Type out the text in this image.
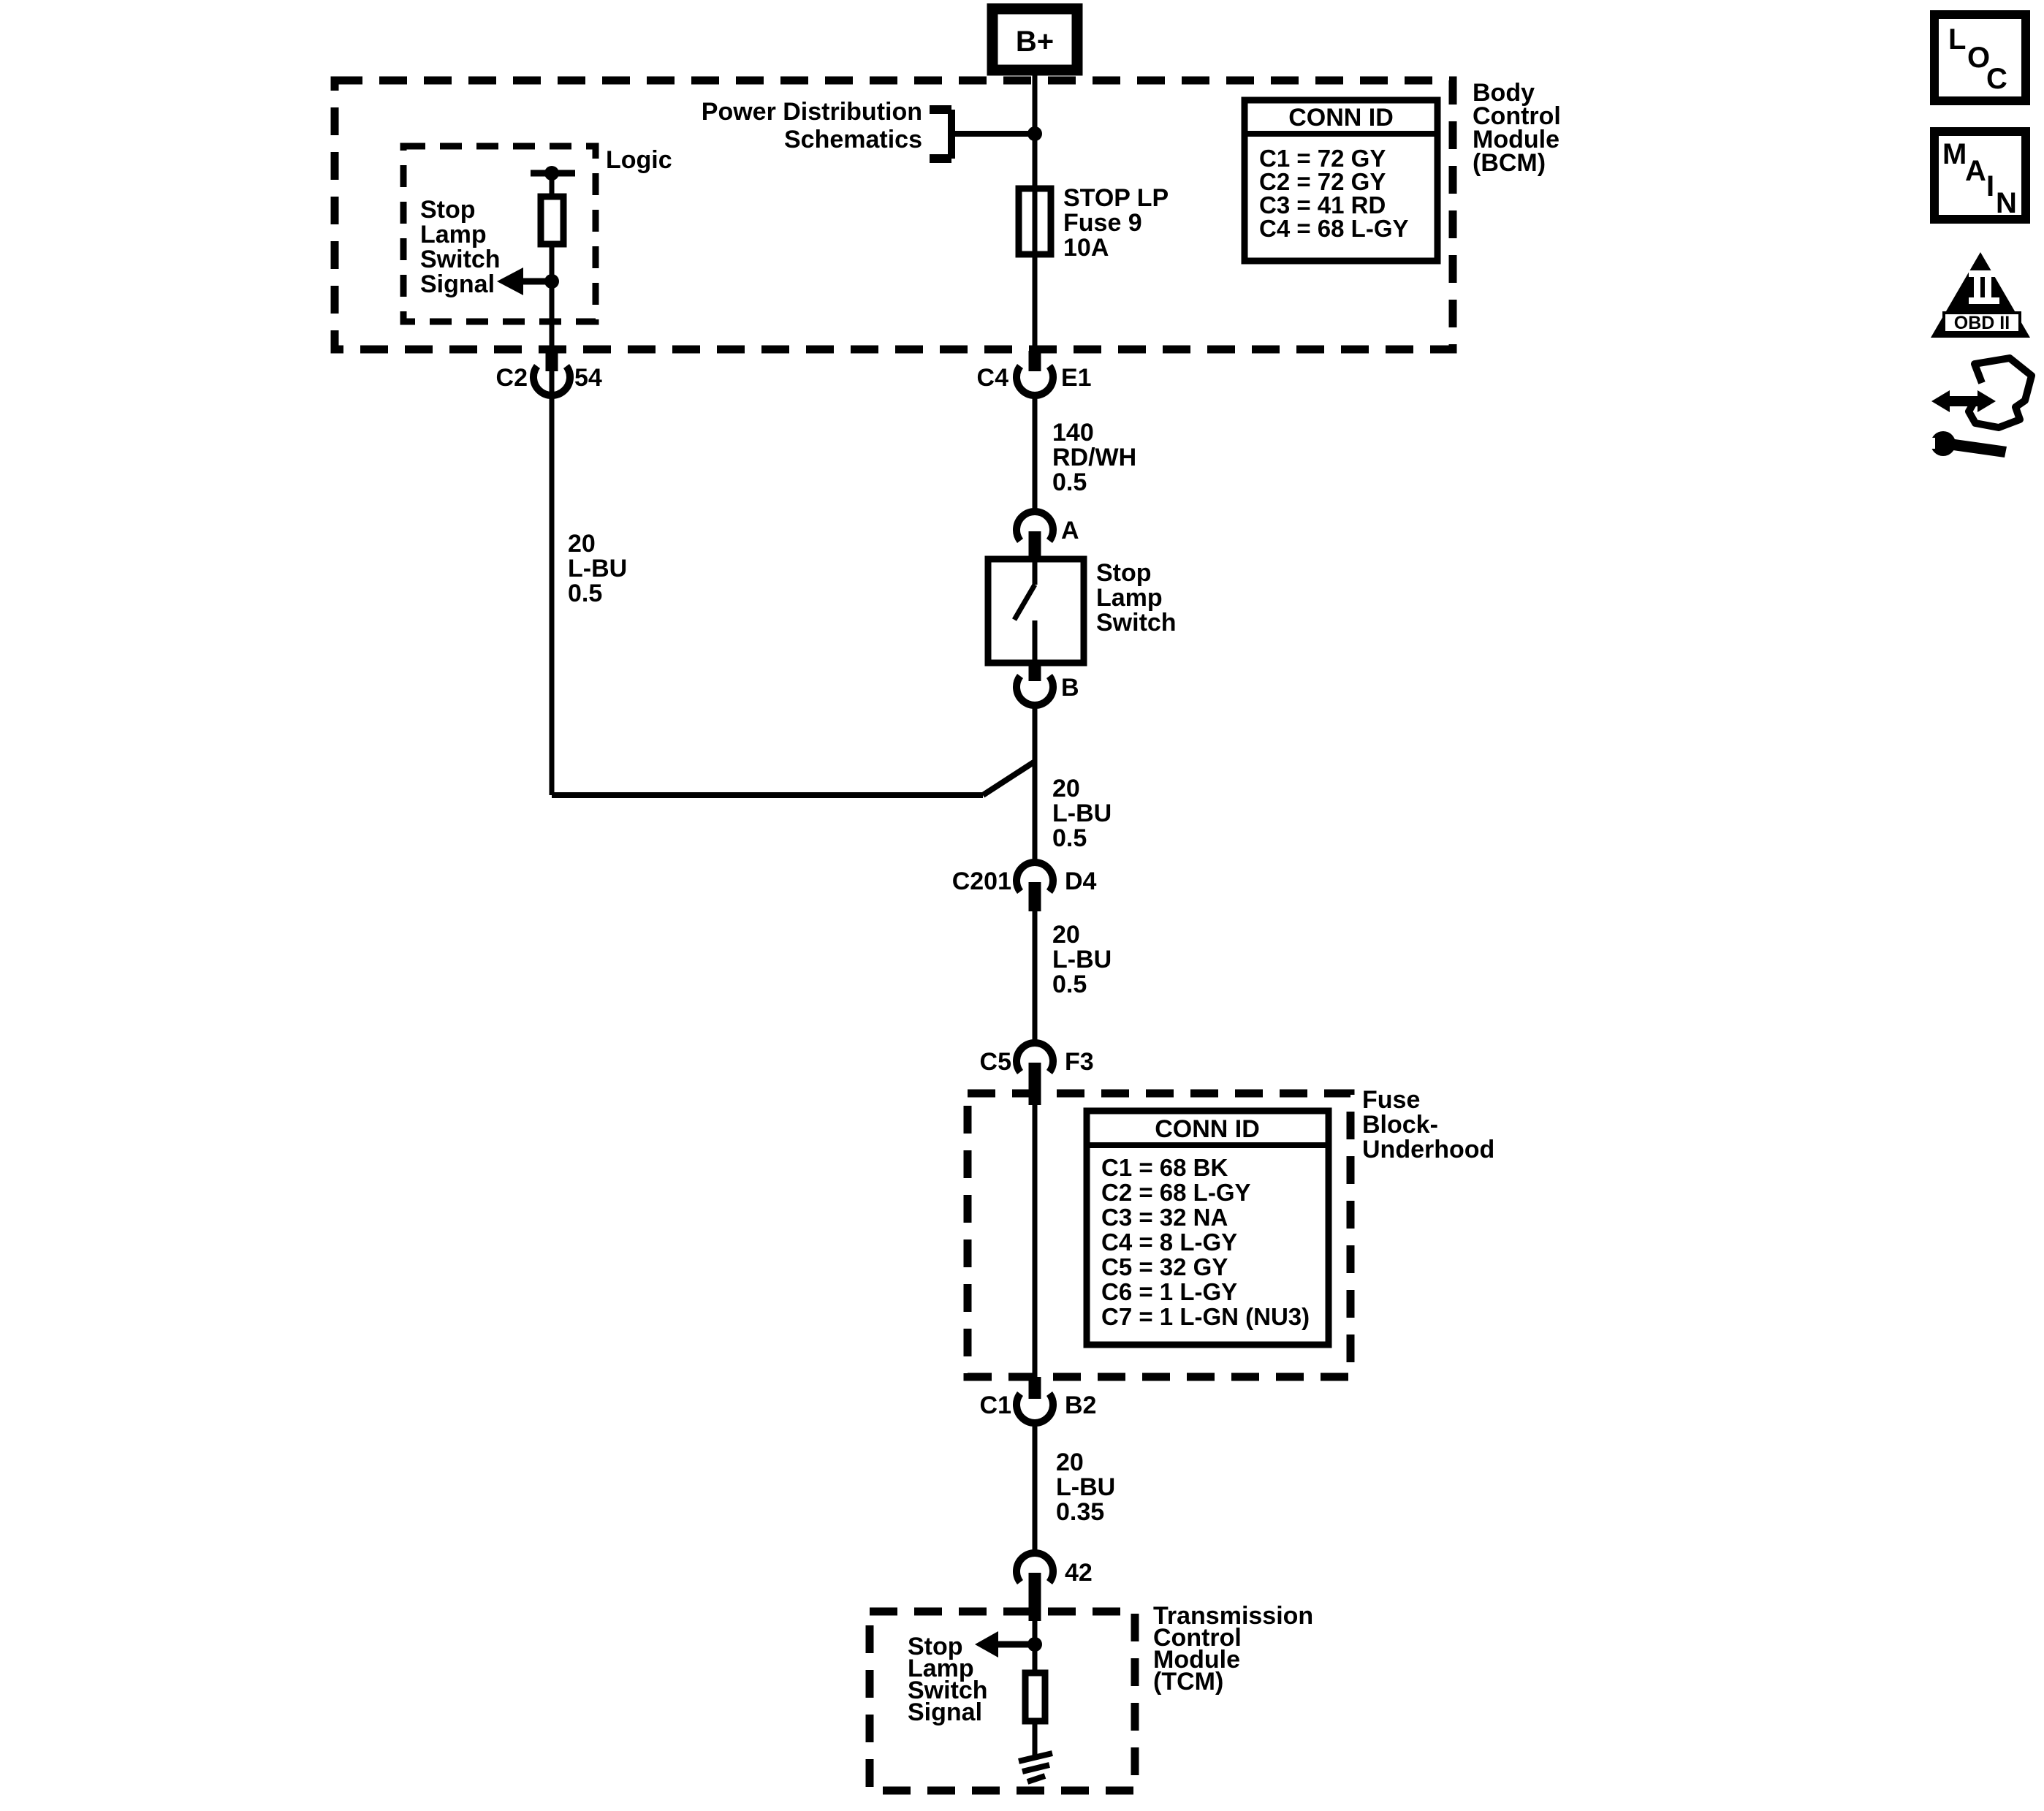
B+
Power Distribution
Schematics
STOP LP
Fuse 9
10A
CONN ID
C1 = 72 GY
C2 = 72 GY
C3 = 41 RD
C4 = 68 L-GY
Body
Control
Module
(BCM)
Logic
Stop
Lamp
Switch
Signal
C2 54	C4 E1
140
RD/WH
0.5
A
Stop
Lamp
Switch
B
20
L-BU
0.5
20
L-BU
0.5
C201 D4
20
L-BU
0.5
C5 F3
CONN ID
C1 = 68 BK
C2 = 68 L-GY
C3 = 32 NA
C4 = 8 L-GY
C5 = 32 GY
C6 = 1 L-GY
C7 = 1 L-GN (NU3)
Fuse
Block-
Underhood
C1 B2
20
L-BU
0.35
42
Stop
Lamp
Switch
Signal
Transmission
Control
Module
(TCM)
L
O
C
M
A I
N
OBD II
